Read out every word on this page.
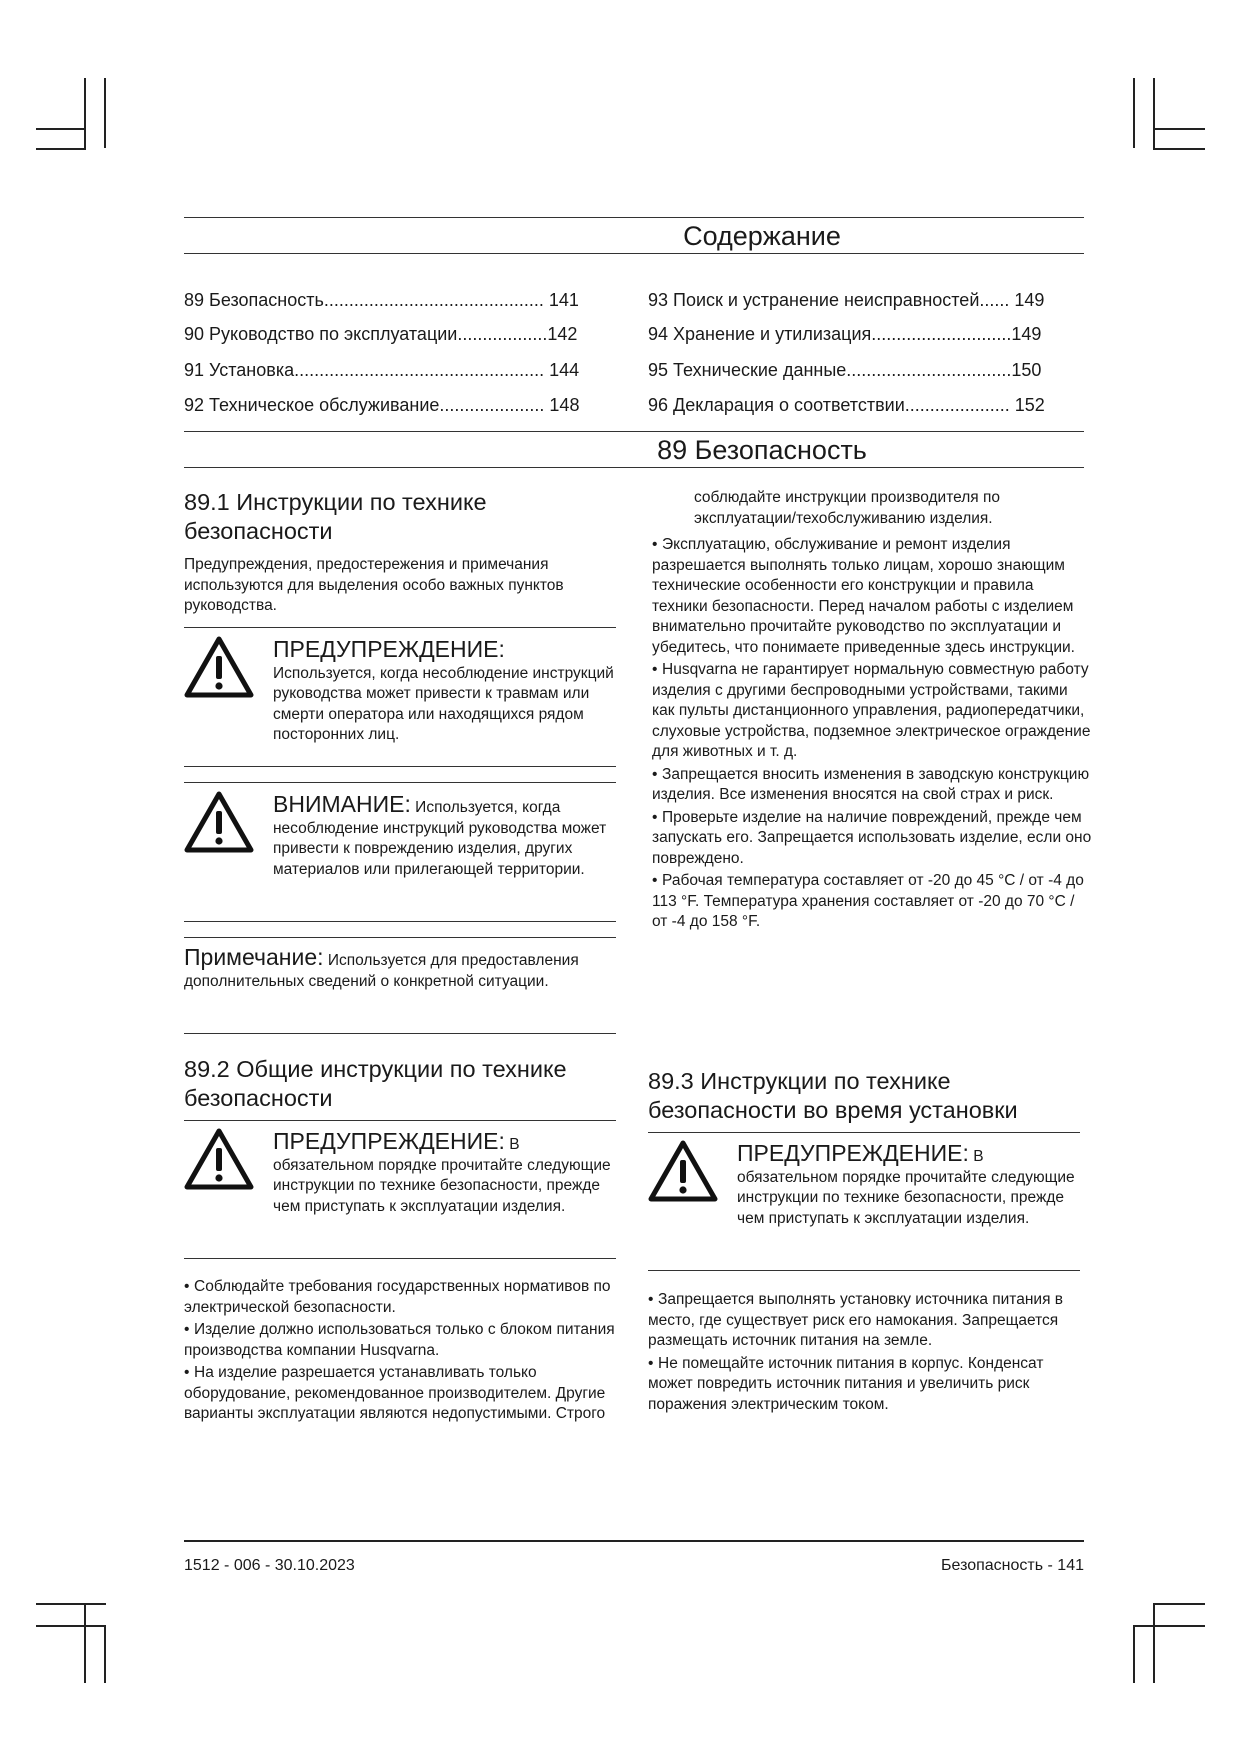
Содержание
89 Безопасность............................................ 141
90 Руководство по эксплуатации..................142
91 Установка.................................................. 144
92 Техническое обслуживание..................... 148
93 Поиск и устранение неисправностей...... 149
94 Хранение и утилизация............................149
95 Технические данные.................................150
96 Декларация о соответствии..................... 152
89 Безопасность
89.1 Инструкции по технике безопасности

Предупреждения, предостережения и примечания используются для выделения особо важных пунктов руководства.

ПРЕДУПРЕЖДЕНИЕ:
Используется, когда несоблюдение инструкций руководства может привести к травмам или смерти оператора или находящихся рядом посторонних лиц.
ВНИМАНИЕ: Используется, когда несоблюдение инструкций руководства может привести к повреждению изделия, других материалов или прилегающей территории.
Примечание: Используется для предоставления дополнительных сведений о конкретной ситуации.
89.2 Общие инструкции по технике безопасности
ПРЕДУПРЕЖДЕНИЕ: В обязательном порядке прочитайте следующие инструкции по технике безопасности, прежде чем приступать к эксплуатации изделия.
• Соблюдайте требования государственных нормативов по электрической безопасности.
• Изделие должно использоваться только с блоком питания производства компании Husqvarna.
• На изделие разрешается устанавливать только оборудование, рекомендованное производителем. Другие варианты эксплуатации являются недопустимыми. Строго
соблюдайте инструкции производителя по эксплуатации/техобслуживанию изделия.
• Эксплуатацию, обслуживание и ремонт изделия разрешается выполнять только лицам, хорошо знающим технические особенности его конструкции и правила техники безопасности. Перед началом работы с изделием внимательно прочитайте руководство по эксплуатации и убедитесь, что понимаете приведенные здесь инструкции.
• Husqvarna не гарантирует нормальную совместную работу изделия с другими беспроводными устройствами, такими как пульты дистанционного управления, радиопередатчики, слуховые устройства, подземное электрическое ограждение для животных и т. д.
• Запрещается вносить изменения в заводскую конструкцию изделия. Все изменения вносятся на свой страх и риск.
• Проверьте изделие на наличие повреждений, прежде чем запускать его. Запрещается использовать изделие, если оно повреждено.
• Рабочая температура составляет от -20 до 45 °C / от -4 до 113 °F. Температура хранения составляет от -20 до 70 °C / от -4 до 158 °F.
89.3 Инструкции по технике безопасности во время установки
ПРЕДУПРЕЖДЕНИЕ: В обязательном порядке прочитайте следующие инструкции по технике безопасности, прежде чем приступать к эксплуатации изделия.
• Запрещается выполнять установку источника питания в место, где существует риск его намокания. Запрещается размещать источник питания на земле.
• Не помещайте источник питания в корпус. Конденсат может повредить источник питания и увеличить риск поражения электрическим током.
1512 - 006 - 30.10.2023	Безопасность - 141
